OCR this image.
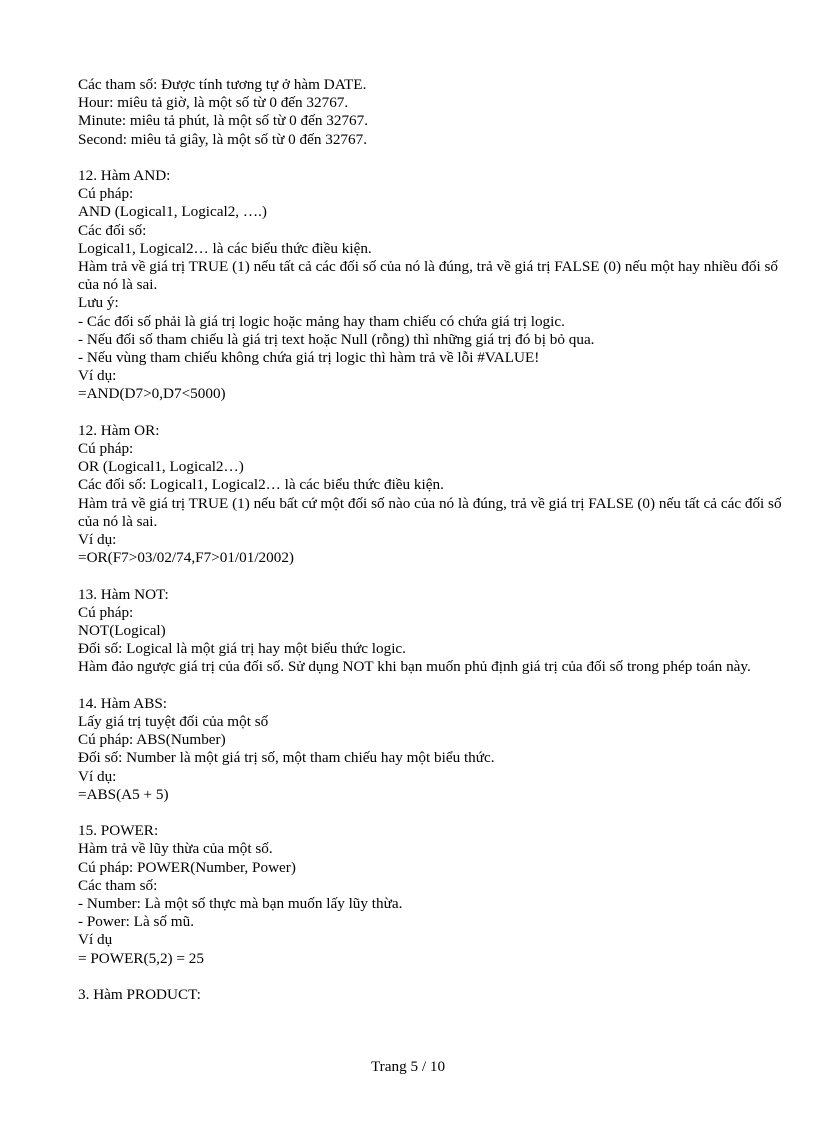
Các tham số: Được tính tương tự ở hàm DATE.
Hour: miêu tả giờ, là một số từ 0 đến 32767.
Minute: miêu tả phút, là một số từ 0 đến 32767.
Second: miêu tả giây, là một số từ 0 đến 32767.
12. Hàm AND:
Cú pháp:
AND (Logical1, Logical2, ….)
Các đối số:
Logical1, Logical2… là các biểu thức điều kiện.
Hàm trả về giá trị TRUE (1) nếu tất cả các đối số của nó là đúng, trả về giá trị FALSE (0) nếu một hay nhiều đối số của nó là sai.
Lưu ý:
- Các đối số phải là giá trị logic hoặc mảng hay tham chiếu có chứa giá trị logic.
- Nếu đối số tham chiếu là giá trị text hoặc Null (rỗng) thì những giá trị đó bị bỏ qua.
- Nếu vùng tham chiếu không chứa giá trị logic thì hàm trả về lỗi #VALUE!
Ví dụ:
=AND(D7>0,D7<5000)
12. Hàm OR:
Cú pháp:
OR (Logical1, Logical2…)
Các đối số: Logical1, Logical2… là các biểu thức điều kiện.
Hàm trả về giá trị TRUE (1) nếu bất cứ một đối số nào của nó là đúng, trả về giá trị FALSE (0) nếu tất cả các đối số của nó là sai.
Ví dụ:
=OR(F7>03/02/74,F7>01/01/2002)
13. Hàm NOT:
Cú pháp:
NOT(Logical)
Đối số: Logical là một giá trị hay một biểu thức logic.
Hàm đảo ngược giá trị của đối số. Sử dụng NOT khi bạn muốn phủ định giá trị của đối số trong phép toán này.
14. Hàm ABS:
Lấy giá trị tuyệt đối của một số
Cú pháp: ABS(Number)
Đối số: Number là một giá trị số, một tham chiếu hay một biểu thức.
Ví dụ:
=ABS(A5 + 5)
15. POWER:
Hàm trả về lũy thừa của một số.
Cú pháp: POWER(Number, Power)
Các tham số:
- Number: Là một số thực mà bạn muốn lấy lũy thừa.
- Power: Là số mũ.
Ví dụ
= POWER(5,2) = 25
3. Hàm PRODUCT:
Trang 5 / 10
